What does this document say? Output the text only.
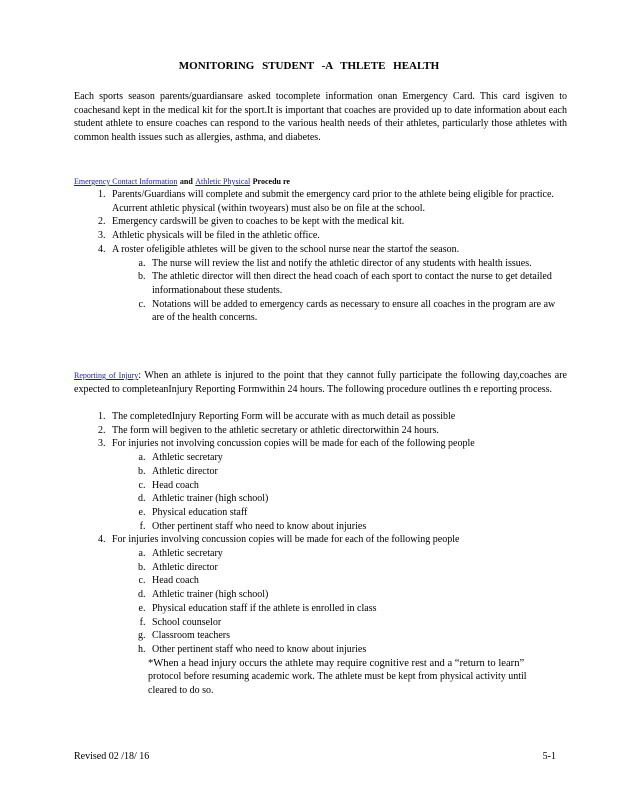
MONITORING STUDENT -A THLETE HEALTH
Each sports season parents/guardiansare asked tocomplete information onan Emergency Card. This card isgiven to coachesand kept in the medical kit for the sport.It is important that coaches are provided up to date information about each student athlete to ensure coaches can respond to the various health needs of their athletes, particularly those athletes with common health issues such as allergies, asthma, and diabetes.
Emergency Contact Information and Athletic Physical Procedu re
1. Parents/Guardians will complete and submit the emergency card prior to the athlete being eligible for practice. Acurrent athletic physical (within twoyears) must also be on file at the school.
2. Emergency cardswill be given to coaches to be kept with the medical kit.
3. Athletic physicals will be filed in the athletic office.
4. A roster ofeligible athletes will be given to the school nurse near the startof the season.
a. The nurse will review the list and notify the athletic director of any students with health issues.
b. The athletic director will then direct the head coach of each sport to contact the nurse to get detailed informationabout these students.
c. Notations will be added to emergency cards as necessary to ensure all coaches in the program are aw are of the health concerns.
Reporting of Injury: When an athlete is injured to the point that they cannot fully participate the following day,coaches are expected to completeanInjury Reporting Formwithin 24 hours. The following procedure outlines th e reporting process.
1. The completedInjury Reporting Form will be accurate with as much detail as possible
2. The form will begiven to the athletic secretary or athletic directorwithin 24 hours.
3. For injuries not involving concussion copies will be made for each of the following people
a. Athletic secretary
b. Athletic director
c. Head coach
d. Athletic trainer (high school)
e. Physical education staff
f. Other pertinent staff who need to know about injuries
4. For injuries involving concussion copies will be made for each of the following people
a. Athletic secretary
b. Athletic director
c. Head coach
d. Athletic trainer (high school)
e. Physical education staff if the athlete is enrolled in class
f. School counselor
g. Classroom teachers
h. Other pertinent staff who need to know about injuries
*When a head injury occurs the athlete may require cognitive rest and a “return to learn”
protocol before resuming academic work. The athlete must be kept from physical activity until cleared to do so.
Revised 02 /18/ 16	5-1
